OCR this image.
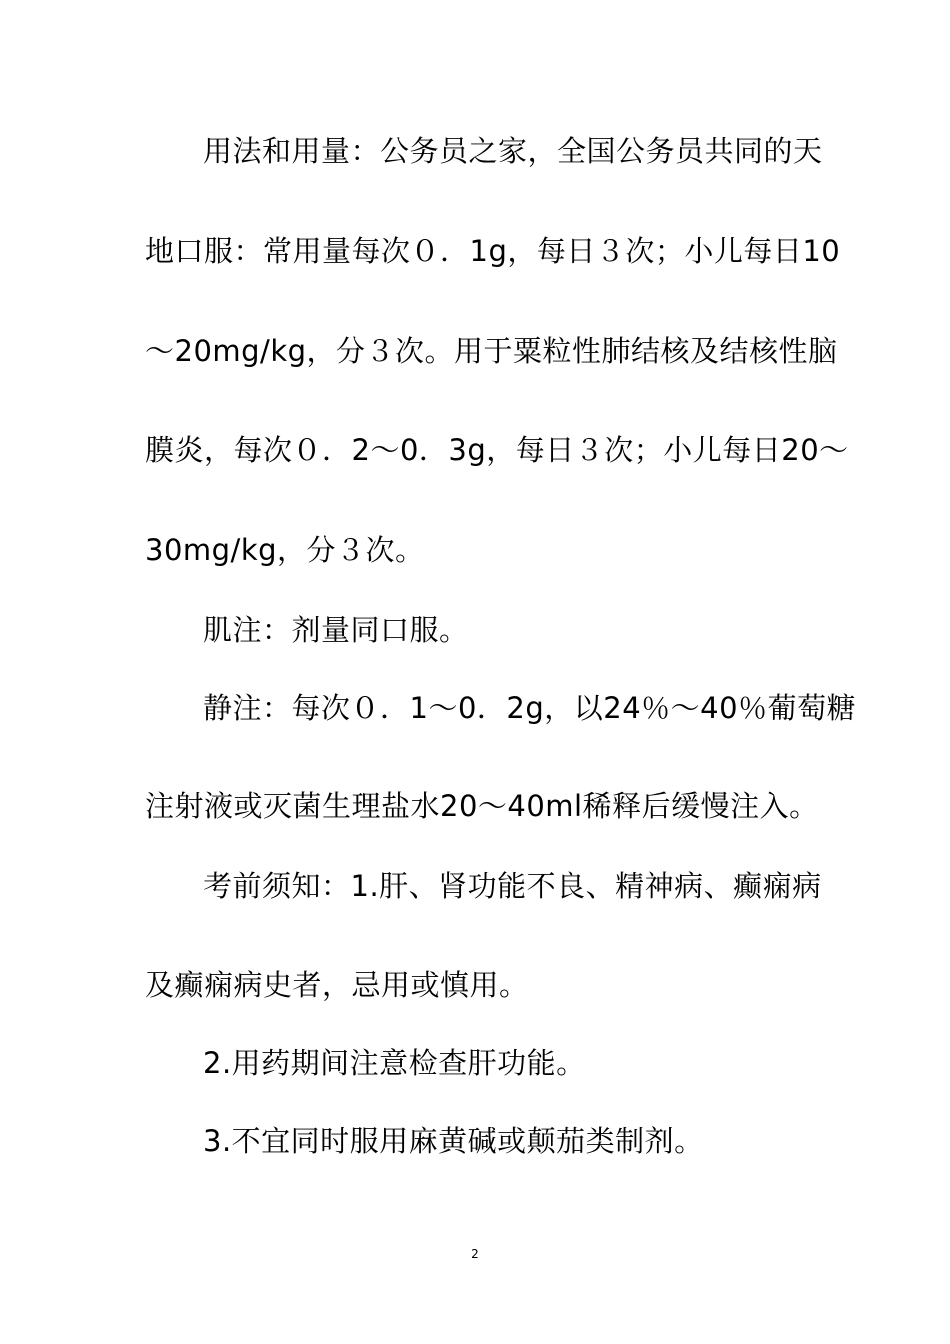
用法和用量：公务员之家，全国公务员共同的天
地口服：常用量每次０．1g，每日３次；小儿每日10
～20mg/kg，分３次。用于粟粒性肺结核及结核性脑
膜炎，每次０．2～0．3g，每日３次；小儿每日20～
30mg/kg，分３次。
肌注：剂量同口服。
静注：每次０．1～0．2g，以24％～40％葡萄糖
注射液或灭菌生理盐水20～40ml稀释后缓慢注入。
考前须知：1.肝、肾功能不良、精神病、癫痫病
及癫痫病史者，忌用或慎用。
2.用药期间注意检查肝功能。
3.不宜同时服用麻黄碱或颠茄类制剂。
2
